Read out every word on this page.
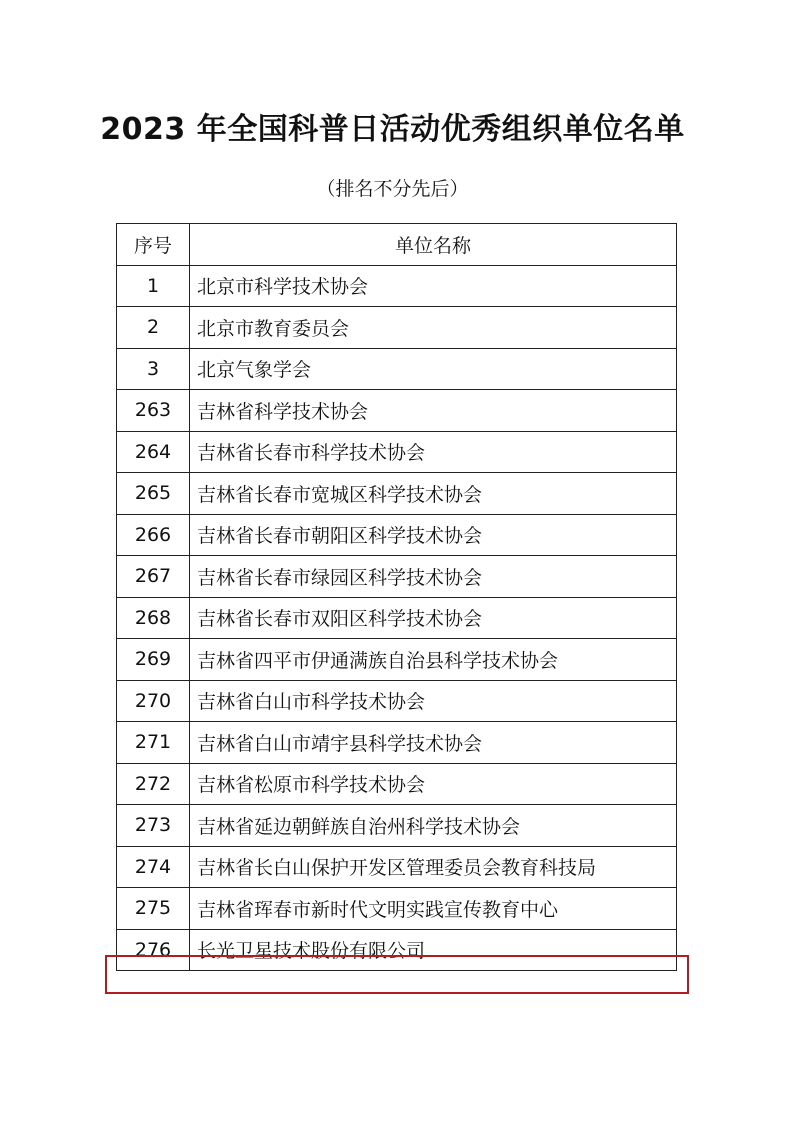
2023 年全国科普日活动优秀组织单位名单
（排名不分先后）
序号	单位名称
1	北京市科学技术协会
2	北京市教育委员会
3	北京气象学会
263	吉林省科学技术协会
264	吉林省长春市科学技术协会
265	吉林省长春市宽城区科学技术协会
266	吉林省长春市朝阳区科学技术协会
267	吉林省长春市绿园区科学技术协会
268	吉林省长春市双阳区科学技术协会
269	吉林省四平市伊通满族自治县科学技术协会
270	吉林省白山市科学技术协会
271	吉林省白山市靖宇县科学技术协会
272	吉林省松原市科学技术协会
273	吉林省延边朝鲜族自治州科学技术协会
274	吉林省长白山保护开发区管理委员会教育科技局
275	吉林省珲春市新时代文明实践宣传教育中心
276	长光卫星技术股份有限公司
